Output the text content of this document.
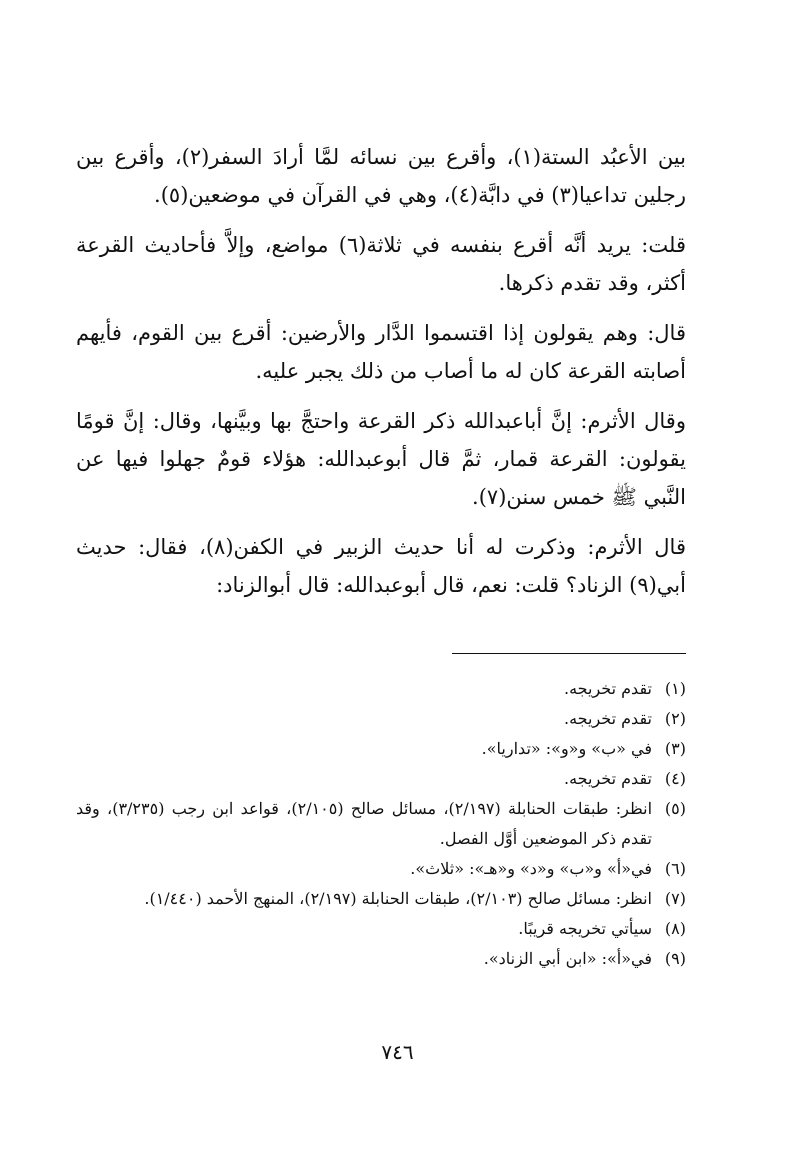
بين الأعبُد الستة(١)، وأقرع بين نسائه لمَّا أرادَ السفر(٢)، وأقرع بين رجلين تداعيا(٣) في دابَّة(٤)، وهي في القرآن في موضعين(٥).

قلت: يريد أنَّه أقرع بنفسه في ثلاثة(٦) مواضع، وإلاَّ فأحاديث القرعة أكثر، وقد تقدم ذكرها.

قال: وهم يقولون إذا اقتسموا الدَّار والأرضين: أقرع بين القوم، فأيهم أصابته القرعة كان له ما أصاب من ذلك يجبر عليه.

وقال الأثرم: إنَّ أباعبدالله ذكر القرعة واحتجَّ بها وبيَّنها، وقال: إنَّ قومًا يقولون: القرعة قمار، ثمَّ قال أبوعبدالله: هؤلاء قومٌ جهلوا فيها عن النَّبي ﷺ خمس سنن(٧).

قال الأثرم: وذكرت له أنا حديث الزبير في الكفن(٨)، فقال: حديث أبي(٩) الزناد؟ قلت: نعم، قال أبوعبدالله: قال أبوالزناد:

(١)
تقدم تخريجه.
(٢)
تقدم تخريجه.
(٣)
في «ب» و«و»: «تداريا».
(٤)
تقدم تخريجه.
(٥)
انظر: طبقات الحنابلة (٢/١٩٧)، مسائل صالح (٢/١٠٥)، قواعد ابن رجب (٣/٢٣٥)، وقد تقدم ذكر الموضعين أوَّل الفصل.
(٦)
في«أ» و«ب» و«د» و«هـ»: «ثلاث».
(٧)
انظر: مسائل صالح (٢/١٠٣)، طبقات الحنابلة (٢/١٩٧)، المنهج الأحمد (١/٤٤٠).
(٨)
سيأتي تخريجه قريبًا.
(٩)
في«أ»: «ابن أبي الزناد».
٧٤٦
